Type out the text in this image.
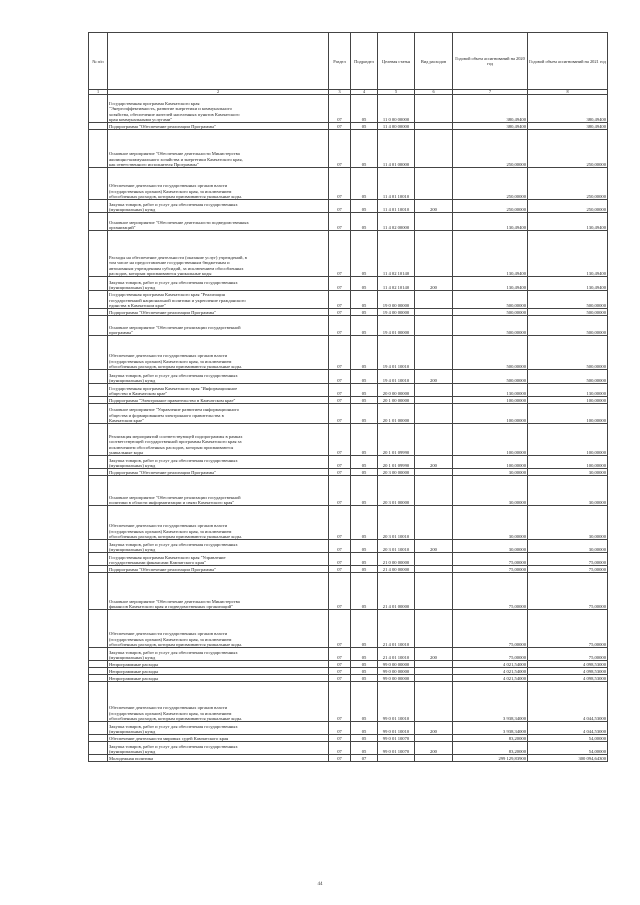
№ п/п		Раздел	Подраздел	Целевая статья	Вид расходов	Годовой объем ассигнований на 2020 год	Годовой объем ассигнований на 2021 год
1	2	3	4	5	6	7	8
	Государственная программа Камчатского края
"Энергоэффективность, развитие энергетики и коммунального
хозяйства, обеспечение жителей населенных пунктов Камчатского
края коммунальными услугами"	07	05	11 0 00 00000		380,49400	380,49400
	Подпрограмма "Обеспечение реализации Программы"	07	05	11 4 00 00000		380,49400	380,49400
	Основное мероприятие "Обеспечение деятельности Министерства
жилищно-коммунального хозяйства и энергетики Камчатского края,
как ответственного исполнителя Программы"	07	05	11 4 01 00000		250,00000	250,00000
	Обеспечение деятельности государственных органов власти
(государственных органов) Камчатского края, за исключением
обособленных расходов, которым присваиваются уникальные коды.	07	05	11 4 01 10010		250,00000	250,00000
	Закупка товаров, работ и услуг для обеспечения государственных
(муниципальных) нужд	07	05	11 4 01 10010	200	250,00000	250,00000
	Основное мероприятие "Обеспечение деятельности подведомственных
организаций"	07	05	11 4 02 00000		130,49400	130,49400
	Расходы на обеспечение деятельности (оказание услуг) учреждений, в
том числе на предоставление государственным бюджетным и
автономным учреждениям субсидий, за исключением обособленных
расходов, которым присваиваются уникальные коды	07	05	11 4 02 10140		130,49400	130,49400
	Закупка товаров, работ и услуг для обеспечения государственных
(муниципальных) нужд	07	05	11 4 02 10140	200	130,49400	130,49400
	Государственная программа Камчатского края "Реализация
государственной национальной политики и укрепление гражданского
единства в Камчатском крае"	07	05	19 0 00 00000		500,00000	500,00000
	Подпрограмма "Обеспечение реализации Программы"	07	05	19 4 00 00000		500,00000	500,00000
	Основное мероприятие "Обеспечение реализации государственной
программы"	07	05	19 4 01 00000		500,00000	500,00000
	Обеспечение деятельности государственных органов власти
(государственных органов) Камчатского края, за исключением
обособленных расходов, которым присваиваются уникальные коды.	07	05	19 4 01 10010		500,00000	500,00000
	Закупка товаров, работ и услуг для обеспечения государственных
(муниципальных) нужд	07	05	19 4 01 10010	200	500,00000	500,00000
	Государственная программа Камчатского края "Информационное
общество в Камчатском крае"	07	05	20 0 00 00000		130,00000	130,00000
	Подпрограмма "Электронное правительство в Камчатском крае"	07	05	20 1 00 00000		100,00000	100,00000
	Основное мероприятие "Управление развитием информационного
общества и формированием электронного правительства в
Камчатском крае"	07	05	20 1 01 00000		100,00000	100,00000
	Реализация мероприятий соответствующей подпрограммы в рамках
соответствующей государственной программы Камчатского края за
исключением обособленных расходов, которым присваиваются
уникальные коды	07	05	20 1 01 09990		100,00000	100,00000
	Закупка товаров, работ и услуг для обеспечения государственных
(муниципальных) нужд	07	05	20 1 01 09990	200	100,00000	100,00000
	Подпрограмма "Обеспечение реализации Программы"	07	05	20 3 00 00000		30,00000	30,00000
	Основное мероприятие "Обеспечение реализации государственной
политики в области информатизации и связи Камчатского края"	07	05	20 3 01 00000		30,00000	30,00000
	Обеспечение деятельности государственных органов власти
(государственных органов) Камчатского края, за исключением
обособленных расходов, которым присваиваются уникальные коды.	07	05	20 3 01 10010		30,00000	30,00000
	Закупка товаров, работ и услуг для обеспечения государственных
(муниципальных) нужд	07	05	20 3 01 10010	200	30,00000	30,00000
	Государственная программа Камчатского края "Управление
государственными финансами Камчатского края"	07	05	21 0 00 00000		75,00000	75,00000
	Подпрограмма "Обеспечение реализации Программы"	07	05	21 4 00 00000		75,00000	75,00000
	Основное мероприятие "Обеспечение деятельности Министерства
финансов Камчатского края и подведомственных организаций"	07	05	21 4 01 00000		75,00000	75,00000
	Обеспечение деятельности государственных органов власти
(государственных органов) Камчатского края, за исключением
обособленных расходов, которым присваиваются уникальные коды.	07	05	21 4 01 10010		75,00000	75,00000
	Закупка товаров, работ и услуг для обеспечения государственных
(муниципальных) нужд	07	05	21 4 01 10010	200	75,00000	75,00000
	Непрограммные расходы	07	05	99 0 00 00000		4 021,54000	4 098,53000
	Непрограммные расходы	07	05	99 0 00 00000		4 021,54000	4 098,53000
	Непрограммные расходы	07	05	99 0 00 00000		4 021,54000	4 098,53000
	Обеспечение деятельности государственных органов власти
(государственных органов) Камчатского края, за исключением
обособленных расходов, которым присваиваются уникальные коды.	07	05	99 0 01 10010		3 938,34000	4 044,53000
	Закупка товаров, работ и услуг для обеспечения государственных
(муниципальных) нужд	07	05	99 0 01 10010	200	3 938,34000	4 044,53000
	Обеспечение деятельности мировых судей Камчатского края	07	05	99 0 01 10070		83,20000	54,00000
	Закупка товаров, работ и услуг для обеспечения государственных
(муниципальных) нужд	07	05	99 0 01 10070	200	83,20000	54,00000
	Молодежная политика	07	07			299 129,83900	300 094,64300
44
